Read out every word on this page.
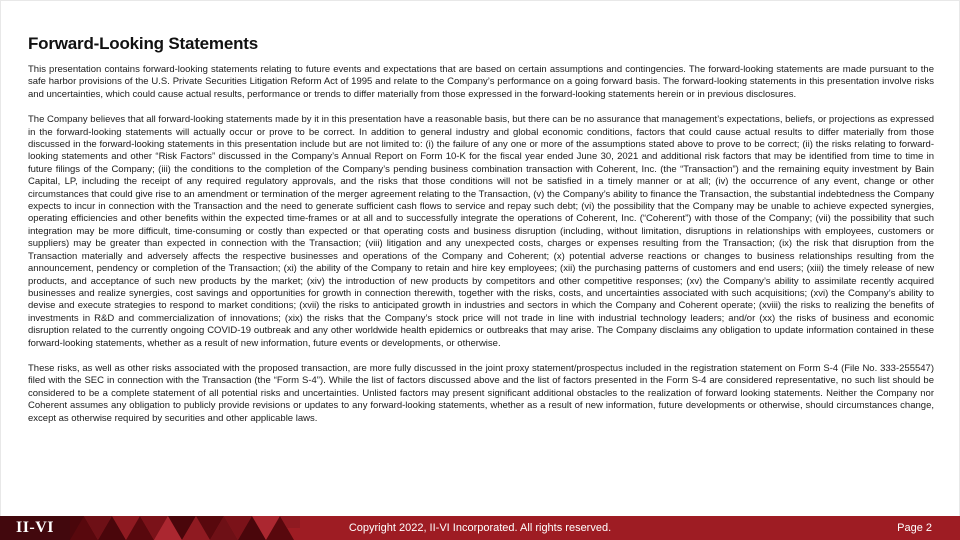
Forward-Looking Statements

This presentation contains forward-looking statements relating to future events and expectations that are based on certain assumptions and contingencies. The forward-looking statements are made pursuant to the safe harbor provisions of the U.S. Private Securities Litigation Reform Act of 1995 and relate to the Company’s performance on a going forward basis. The forward-looking statements in this presentation involve risks and uncertainties, which could cause actual results, performance or trends to differ materially from those expressed in the forward-looking statements herein or in previous disclosures.

The Company believes that all forward-looking statements made by it in this presentation have a reasonable basis, but there can be no assurance that management’s expectations, beliefs, or projections as expressed in the forward-looking statements will actually occur or prove to be correct. In addition to general industry and global economic conditions, factors that could cause actual results to differ materially from those discussed in the forward-looking statements in this presentation include but are not limited to: (i) the failure of any one or more of the assumptions stated above to prove to be correct; (ii) the risks relating to forward-looking statements and other “Risk Factors” discussed in the Company’s Annual Report on Form 10-K for the fiscal year ended June 30, 2021 and additional risk factors that may be identified from time to time in future filings of the Company; (iii) the conditions to the completion of the Company’s pending business combination transaction with Coherent, Inc. (the “Transaction”) and the remaining equity investment by Bain Capital, LP, including the receipt of any required regulatory approvals, and the risks that those conditions will not be satisfied in a timely manner or at all; (iv) the occurrence of any event, change or other circumstances that could give rise to an amendment or termination of the merger agreement relating to the Transaction, (v) the Company’s ability to finance the Transaction, the substantial indebtedness the Company expects to incur in connection with the Transaction and the need to generate sufficient cash flows to service and repay such debt; (vi) the possibility that the Company may be unable to achieve expected synergies, operating efficiencies and other benefits within the expected time-frames or at all and to successfully integrate the operations of Coherent, Inc. (“Coherent”) with those of the Company; (vii) the possibility that such integration may be more difficult, time-consuming or costly than expected or that operating costs and business disruption (including, without limitation, disruptions in relationships with employees, customers or suppliers) may be greater than expected in connection with the Transaction; (viii) litigation and any unexpected costs, charges or expenses resulting from the Transaction; (ix) the risk that disruption from the Transaction materially and adversely affects the respective businesses and operations of the Company and Coherent; (x) potential adverse reactions or changes to business relationships resulting from the announcement, pendency or completion of the Transaction; (xi) the ability of the Company to retain and hire key employees; (xii) the purchasing patterns of customers and end users; (xiii) the timely release of new products, and acceptance of such new products by the market; (xiv) the introduction of new products by competitors and other competitive responses; (xv) the Company’s ability to assimilate recently acquired businesses and realize synergies, cost savings and opportunities for growth in connection therewith, together with the risks, costs, and uncertainties associated with such acquisitions; (xvi) the Company’s ability to devise and execute strategies to respond to market conditions; (xvii) the risks to anticipated growth in industries and sectors in which the Company and Coherent operate; (xviii) the risks to realizing the benefits of investments in R&D and commercialization of innovations; (xix) the risks that the Company’s stock price will not trade in line with industrial technology leaders; and/or (xx) the risks of business and economic disruption related to the currently ongoing COVID-19 outbreak and any other worldwide health epidemics or outbreaks that may arise. The Company disclaims any obligation to update information contained in these forward-looking statements, whether as a result of new information, future events or developments, or otherwise.

These risks, as well as other risks associated with the proposed transaction, are more fully discussed in the joint proxy statement/prospectus included in the registration statement on Form S-4 (File No. 333-255547) filed with the SEC in connection with the Transaction (the “Form S-4”). While the list of factors discussed above and the list of factors presented in the Form S-4 are considered representative, no such list should be considered to be a complete statement of all potential risks and uncertainties. Unlisted factors may present significant additional obstacles to the realization of forward looking statements. Neither the Company nor Coherent assumes any obligation to publicly provide revisions or updates to any forward-looking statements, whether as a result of new information, future developments or otherwise, should circumstances change, except as otherwise required by securities and other applicable laws.

Copyright 2022, II-VI Incorporated. All rights reserved.
II-VI	Page 2
